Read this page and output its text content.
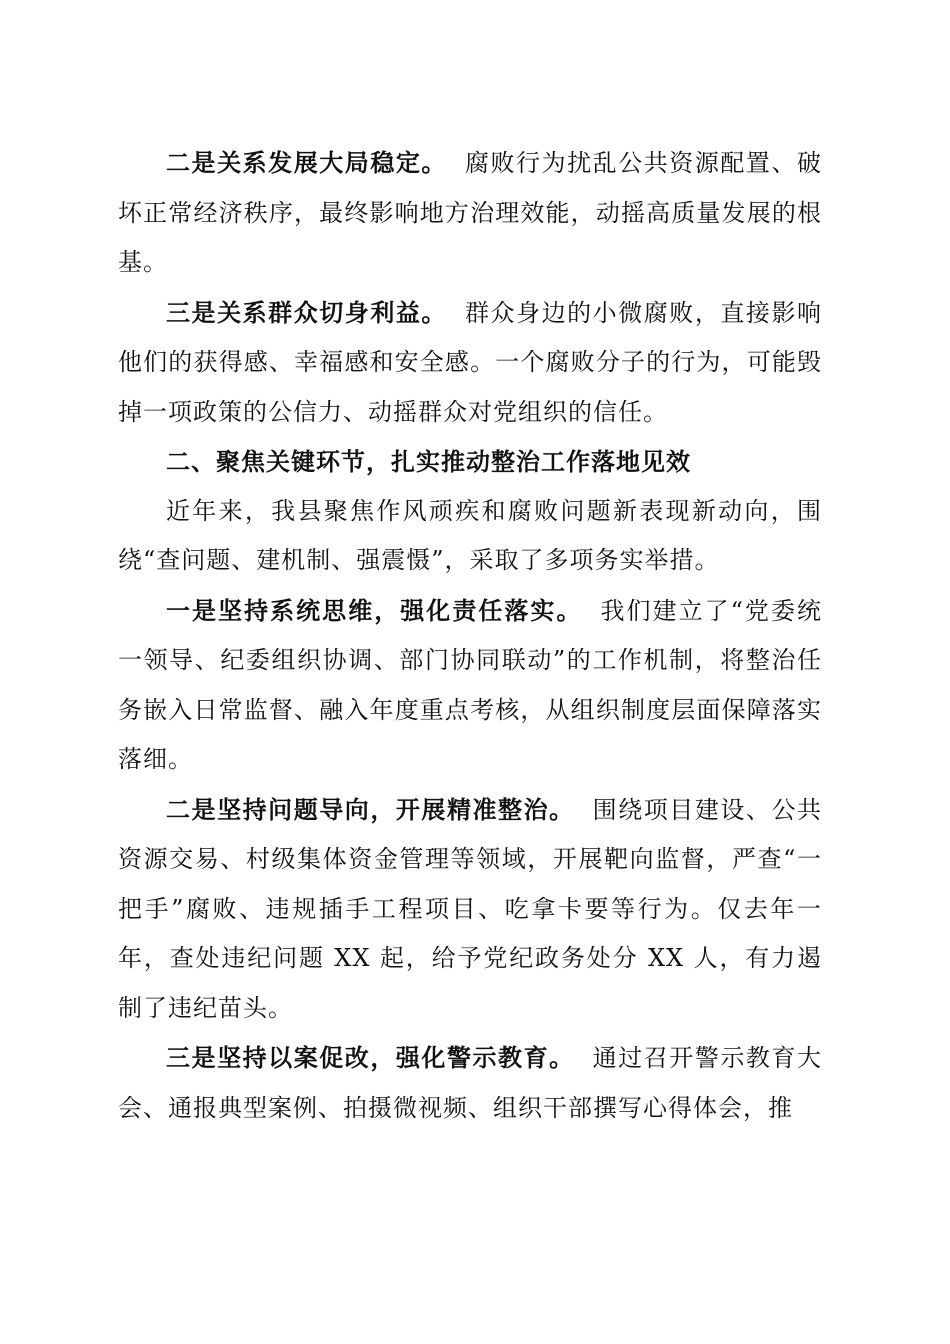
二是关系发展大局稳定。 腐败行为扰乱公共资源配置、破坏正常经济秩序，最终影响地方治理效能，动摇高质量发展的根基。

三是关系群众切身利益。 群众身边的小微腐败，直接影响他们的获得感、幸福感和安全感。一个腐败分子的行为，可能毁掉一项政策的公信力、动摇群众对党组织的信任。

二、聚焦关键环节，扎实推动整治工作落地见效

近年来，我县聚焦作风顽疾和腐败问题新表现新动向，围绕“查问题、建机制、强震慑”，采取了多项务实举措。

一是坚持系统思维，强化责任落实。 我们建立了“党委统一领导、纪委组织协调、部门协同联动”的工作机制，将整治任务嵌入日常监督、融入年度重点考核，从组织制度层面保障落实落细。

二是坚持问题导向，开展精准整治。 围绕项目建设、公共资源交易、村级集体资金管理等领域，开展靶向监督，严查“一把手”腐败、违规插手工程项目、吃拿卡要等行为。仅去年一年，查处违纪问题 XX 起，给予党纪政务处分 XX 人，有力遏制了违纪苗头。

三是坚持以案促改，强化警示教育。 通过召开警示教育大会、通报典型案例、拍摄微视频、组织干部撰写心得体会，推
